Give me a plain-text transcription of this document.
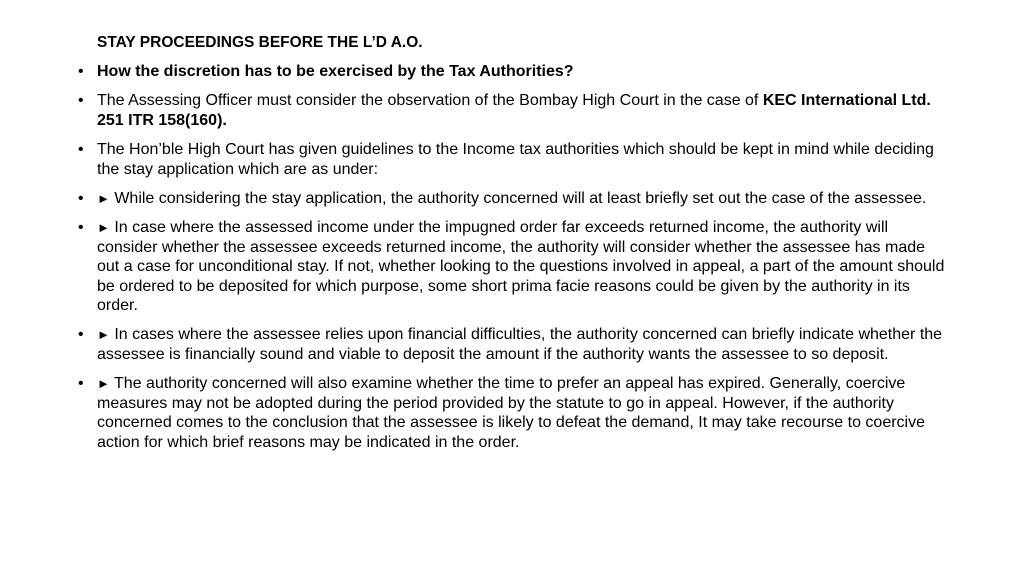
STAY PROCEEDINGS BEFORE THE L’D A.O.
• How the discretion has to be exercised by the Tax Authorities?
• The Assessing Officer must consider the observation of the Bombay High Court in the case of KEC International Ltd. 251 ITR 158(160).
• The Hon’ble High Court has given guidelines to the Income tax authorities which should be kept in mind while deciding the stay application which are as under:
•	► While considering the stay application, the authority concerned will at least briefly set out the case of the assessee.
•	► In case where the assessed income under the impugned order far exceeds returned income, the authority will consider whether the assessee exceeds returned income, the authority will consider whether the assessee has made out a case for unconditional stay. If not, whether looking to the questions involved in appeal, a part of the amount should be ordered to be deposited for which purpose, some short prima facie reasons could be given by the authority in its order.
•	► In cases where the assessee relies upon financial difficulties, the authority concerned can briefly indicate whether the assessee is financially sound and viable to deposit the amount if the authority wants the assessee to so deposit.
•	► The authority concerned will also examine whether the time to prefer an appeal has expired. Generally, coercive measures may not be adopted during the period provided by the statute to go in appeal. However, if the authority concerned comes to the conclusion that the assessee is likely to defeat the demand, It may take recourse to coercive action for which brief reasons may be indicated in the order.
